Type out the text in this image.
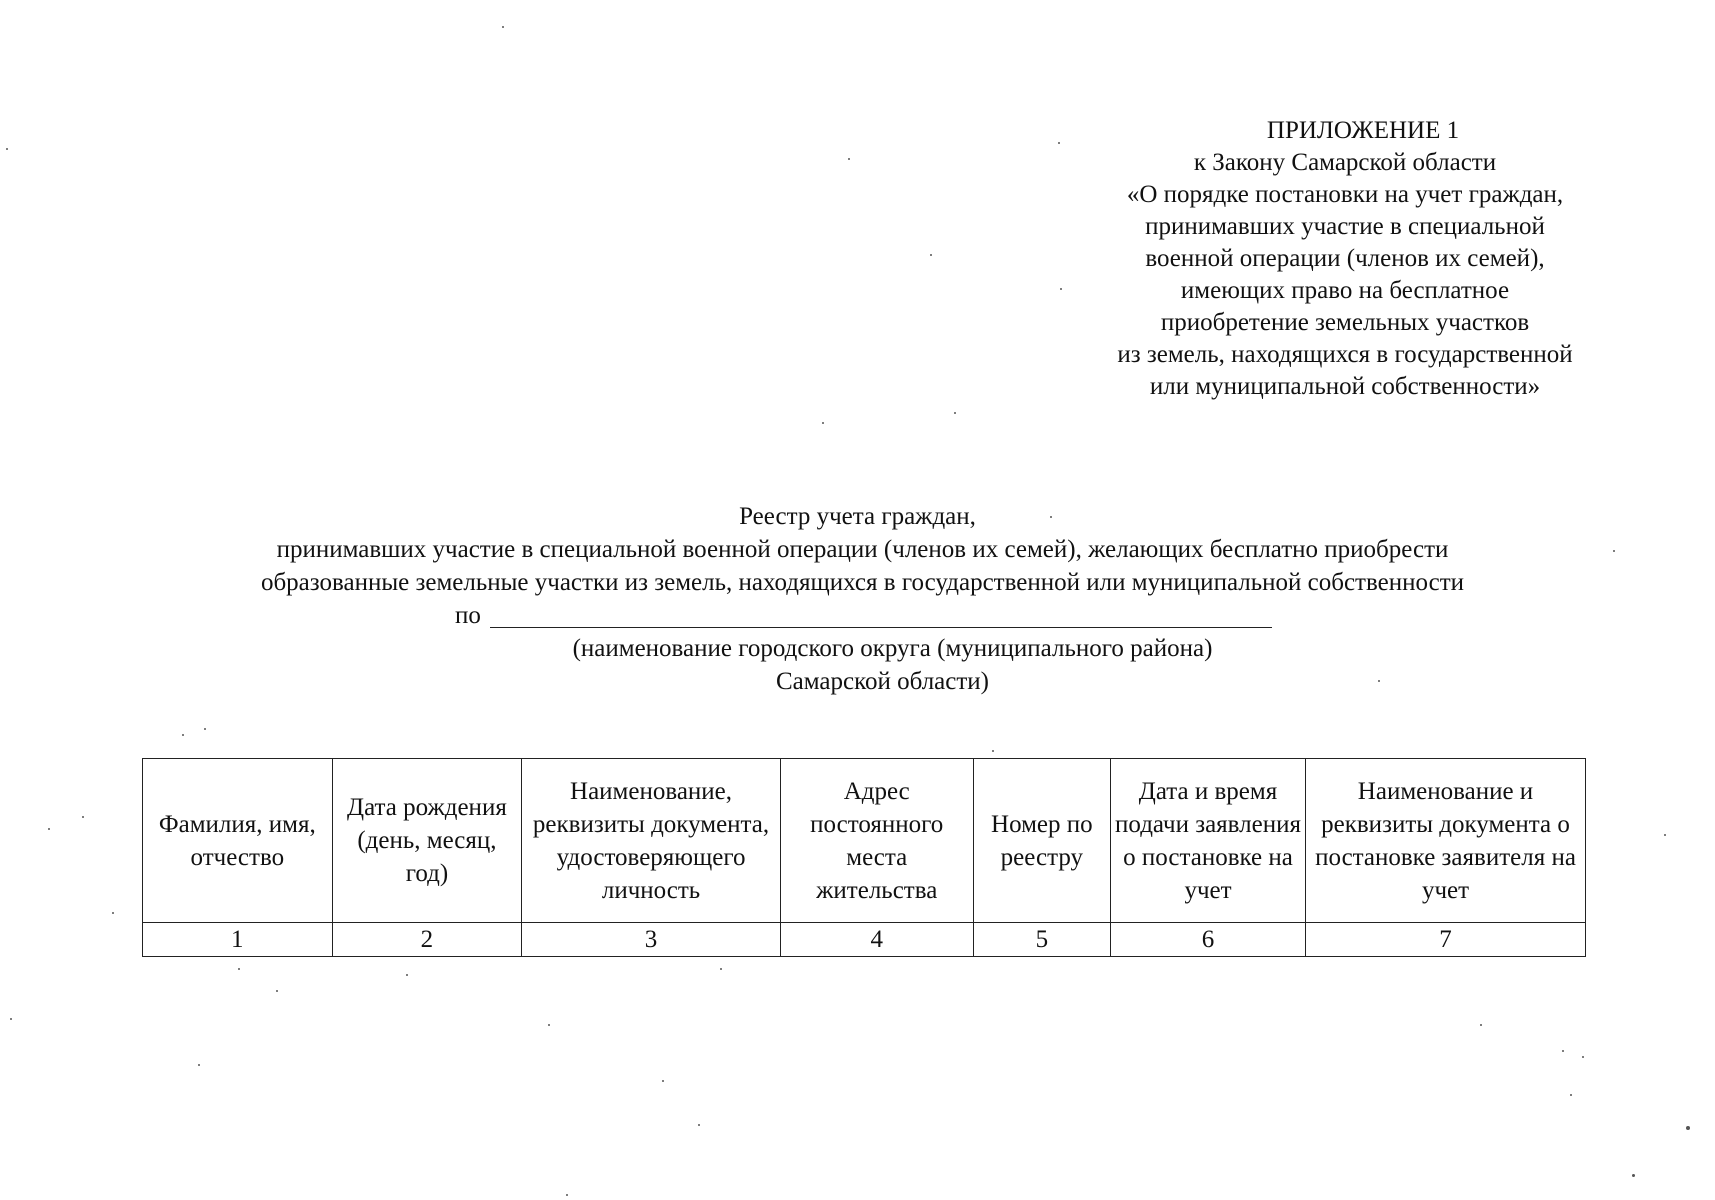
ПРИЛОЖЕНИЕ 1
к Закону Самарской области
«О порядке постановки на учет граждан,
принимавших участие в специальной
военной операции (членов их семей),
имеющих право на бесплатное
приобретение земельных участков
из земель, находящихся в государственной
или муниципальной собственности»
Реестр учета граждан,
принимавших участие в специальной военной операции (членов их семей), желающих бесплатно приобрести
образованные земельные участки из земель, находящихся в государственной или муниципальной собственности
по
(наименование городского округа (муниципального района)
Самарской области)
Фамилия, имя, отчество	Дата рождения (день, месяц, год)	Наименование, реквизиты документа, удостоверяющего личность	Адрес постоянного места жительства	Номер по реестру	Дата и время подачи заявления о постановке на учет	Наименование и реквизиты документа о постановке заявителя на учет
1	2	3	4	5	6	7
